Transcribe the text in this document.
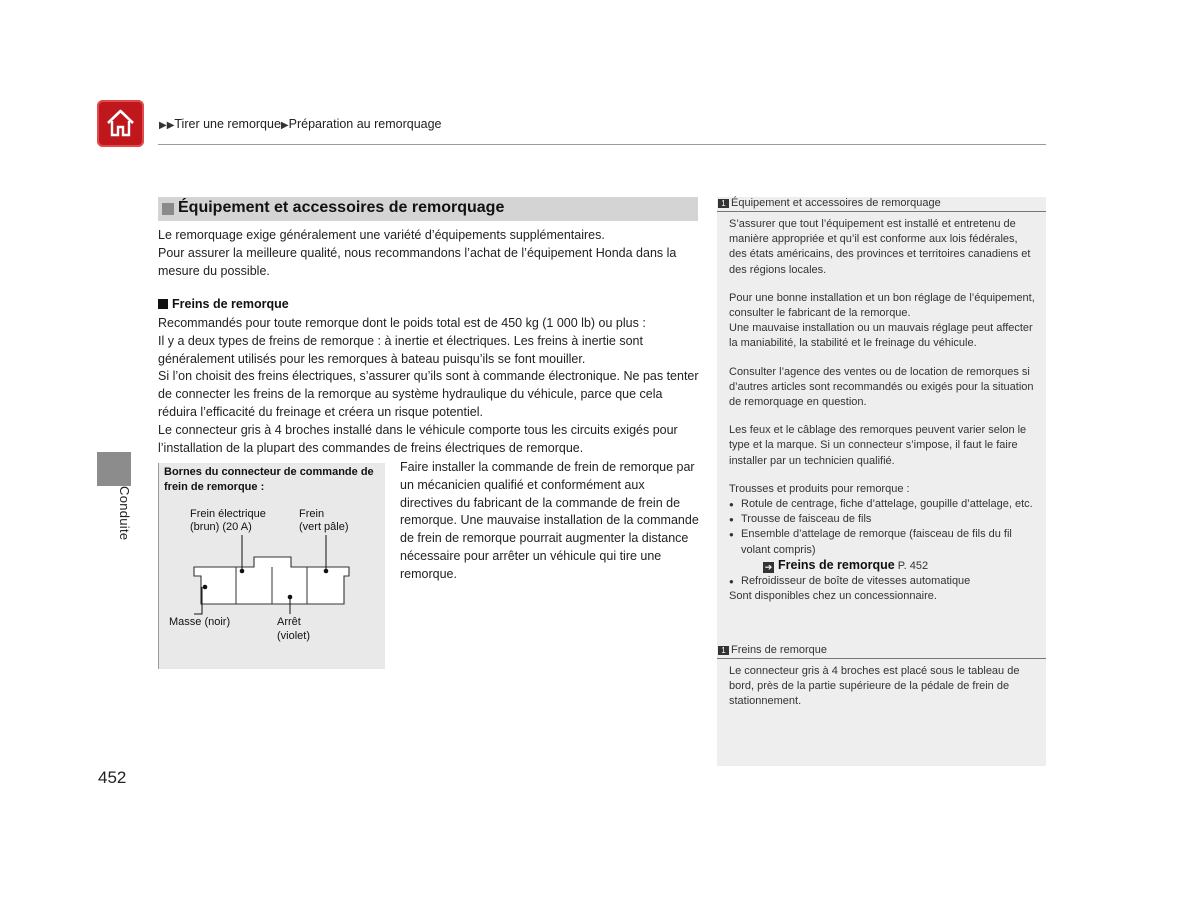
▶▶Tirer une remorque▶Préparation au remorquage
Conduite
452
Équipement et accessoires de remorquage
Le remorquage exige généralement une variété d’équipements supplémentaires.
Pour assurer la meilleure qualité, nous recommandons l’achat de l’équipement Honda dans la mesure du possible.
Freins de remorque
Recommandés pour toute remorque dont le poids total est de 450 kg (1 000 lb) ou plus :
Il y a deux types de freins de remorque : à inertie et électriques. Les freins à inertie sont généralement utilisés pour les remorques à bateau puisqu’ils se font mouiller.
Si l’on choisit des freins électriques, s’assurer qu’ils sont à commande électronique. Ne pas tenter de connecter les freins de la remorque au système hydraulique du véhicule, parce que cela réduira l’efficacité du freinage et créera un risque potentiel.
Le connecteur gris à 4 broches installé dans le véhicule comporte tous les circuits exigés pour l’installation de la plupart des commandes de freins électriques de remorque.
Bornes du connecteur de commande de frein de remorque :
Frein électrique
(brun) (20 A)
Frein
(vert pâle)
Masse (noir)	Arrêt
(violet)
Faire installer la commande de frein de remorque par un mécanicien qualifié et conformément aux directives du fabricant de la commande de frein de remorque. Une mauvaise installation de la commande de frein de remorque pourrait augmenter la distance nécessaire pour arrêter un véhicule qui tire une remorque.
1 Équipement et accessoires de remorquage
S’assurer que tout l’équipement est installé et entretenu de manière appropriée et qu’il est conforme aux lois fédérales, des états américains, des provinces et territoires canadiens et des régions locales.
Pour une bonne installation et un bon réglage de l’équipement, consulter le fabricant de la remorque.
Une mauvaise installation ou un mauvais réglage peut affecter la maniabilité, la stabilité et le freinage du véhicule.
Consulter l’agence des ventes ou de location de remorques si d’autres articles sont recommandés ou exigés pour la situation de remorquage en question.
Les feux et le câblage des remorques peuvent varier selon le type et la marque. Si un connecteur s’impose, il faut le faire installer par un technicien qualifié.
Trousses et produits pour remorque :
● Rotule de centrage, fiche d’attelage, goupille d’attelage, etc.
● Trousse de faisceau de fils
● Ensemble d’attelage de remorque (faisceau de fils du fil volant compris)
➔ Freins de remorque P. 452
● Refroidisseur de boîte de vitesses automatique
Sont disponibles chez un concessionnaire.
1 Freins de remorque
Le connecteur gris à 4 broches est placé sous le tableau de bord, près de la partie supérieure de la pédale de frein de stationnement.
